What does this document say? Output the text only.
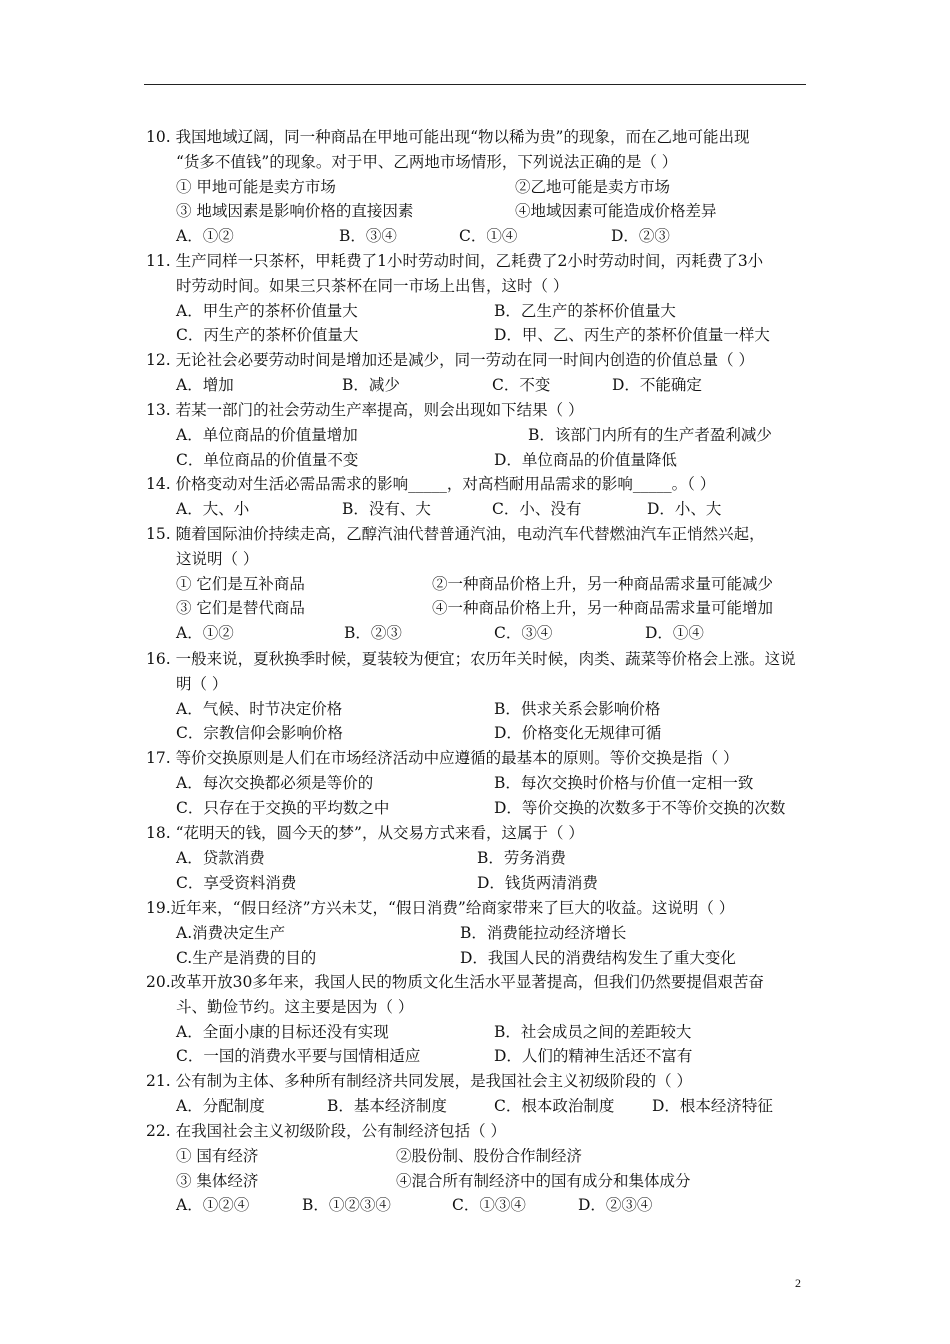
10. 我国地域辽阔，同一种商品在甲地可能出现“物以稀为贵”的现象，而在乙地可能出现
“货多不值钱”的现象。对于甲、乙两地市场情形，下列说法正确的是（ ）
① 甲地可能是卖方市场	②乙地可能是卖方市场
③ 地域因素是影响价格的直接因素	④地域因素可能造成价格差异
A．①②	B．③④	C．①④	D．②③
11. 生产同样一只茶杯，甲耗费了1小时劳动时间，乙耗费了2小时劳动时间，丙耗费了3小
时劳动时间。如果三只茶杯在同一市场上出售，这时（ ）
A．甲生产的茶杯价值量大	B．乙生产的茶杯价值量大
C．丙生产的茶杯价值量大	D．甲、乙、丙生产的茶杯价值量一样大
12. 无论社会必要劳动时间是增加还是减少，同一劳动在同一时间内创造的价值总量（ ）
A．增加	B．减少	C．不变	D．不能确定
13. 若某一部门的社会劳动生产率提高，则会出现如下结果（ ）
A．单位商品的价值量增加	B．该部门内所有的生产者盈利减少
C．单位商品的价值量不变	D．单位商品的价值量降低
14. 价格变动对生活必需品需求的影响_____，对高档耐用品需求的影响_____。（ ）
A．大、小	B．没有、大	C．小、没有	D．小、大
15. 随着国际油价持续走高，乙醇汽油代替普通汽油，电动汽车代替燃油汽车正悄然兴起，
这说明（ ）
① 它们是互补商品	②一种商品价格上升，另一种商品需求量可能减少
③ 它们是替代商品	④一种商品价格上升，另一种商品需求量可能增加
A．①②	B．②③	C．③④	D．①④
16. 一般来说，夏秋换季时候，夏装较为便宜；农历年关时候，肉类、蔬菜等价格会上涨。这说
明（ ）
A．气候、时节决定价格	B．供求关系会影响价格
C．宗教信仰会影响价格	D．价格变化无规律可循
17. 等价交换原则是人们在市场经济活动中应遵循的最基本的原则。等价交换是指（ ）
A．每次交换都必须是等价的	B．每次交换时价格与价值一定相一致
C．只存在于交换的平均数之中	D．等价交换的次数多于不等价交换的次数
18. “花明天的钱，圆今天的梦”，从交易方式来看，这属于（ ）
A．贷款消费	B．劳务消费
C．享受资料消费	D．钱货两清消费
19.近年来，“假日经济”方兴未艾，“假日消费”给商家带来了巨大的收益。这说明（ ）
A.消费决定生产	B．消费能拉动经济增长
C.生产是消费的目的	D．我国人民的消费结构发生了重大变化
20.改革开放30多年来，我国人民的物质文化生活水平显著提高，但我们仍然要提倡艰苦奋
斗、勤俭节约。这主要是因为（ ）
A．全面小康的目标还没有实现	B．社会成员之间的差距较大
C．一国的消费水平要与国情相适应	D．人们的精神生活还不富有
21. 公有制为主体、多种所有制经济共同发展，是我国社会主义初级阶段的（ ）
A．分配制度	B．基本经济制度	C．根本政治制度 D．根本经济特征
22. 在我国社会主义初级阶段，公有制经济包括（ ）
① 国有经济	②股份制、股份合作制经济
③ 集体经济	④混合所有制经济中的国有成分和集体成分
A．①②④	B．①②③④	C．①③④	D．②③④
2
